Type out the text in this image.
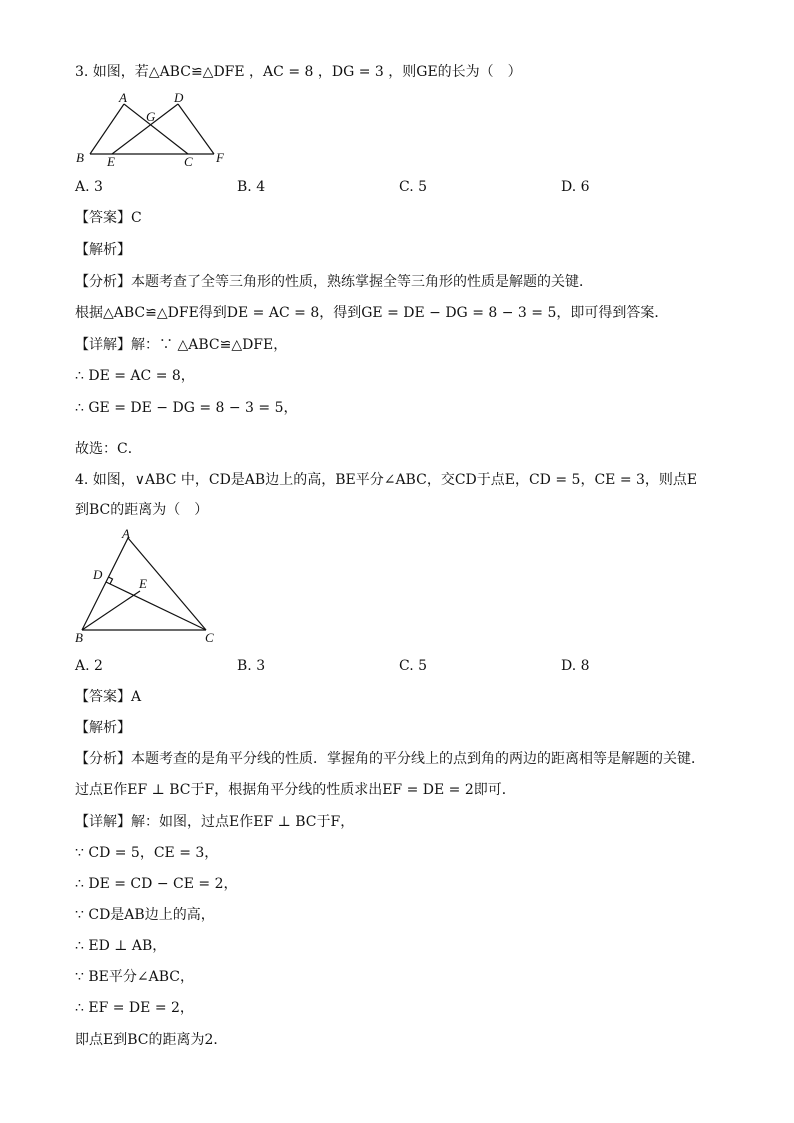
3. 如图，若△ABC≌△DFE ，AC = 8 ，DG = 3 ，则GE的长为（　）
A	D
G
B E	C F
A. 3	B. 4	C. 5	D. 6
【答案】C
【解析】
【分析】本题考查了全等三角形的性质，熟练掌握全等三角形的性质是解题的关键．
根据△ABC≌△DFE得到DE = AC = 8，得到GE = DE − DG = 8 − 3 = 5，即可得到答案．
【详解】解：∵ △ABC≌△DFE，
∴ DE = AC = 8，
∴ GE = DE − DG = 8 − 3 = 5，
故选：C．
4. 如图，∨ABC 中，CD是AB边上的高，BE平分∠ABC，交CD于点E，CD = 5，CE = 3，则点E
到BC的距离为（　）
A
D
E
B	C
A. 2	B. 3	C. 5	D. 8
【答案】A
【解析】
【分析】本题考查的是角平分线的性质．掌握角的平分线上的点到角的两边的距离相等是解题的关键．
过点E作EF ⊥ BC于F，根据角平分线的性质求出EF = DE = 2即可．
【详解】解：如图，过点E作EF ⊥ BC于F，
∵ CD = 5，CE = 3，
∴ DE = CD − CE = 2，
∵ CD是AB边上的高，
∴ ED ⊥ AB，
∵ BE平分∠ABC，
∴ EF = DE = 2，
即点E到BC的距离为2．
